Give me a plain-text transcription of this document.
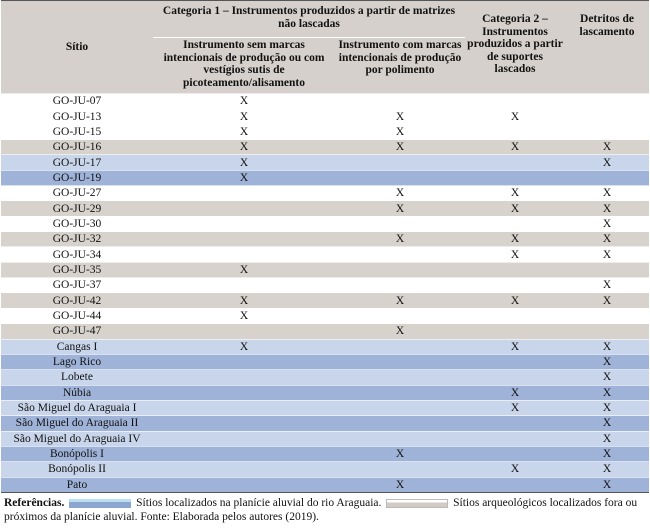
Sítio	Categoria 1 – Instrumentos produzidos a partir de matrizes não lascadas		Categoria 2 – Instrumentos produzidos a partir de suportes lascados	Detritos de lascamento
	Instrumento sem marcas intencionais de produção ou com vestígios sutis de picoteamento/alisamento	Instrumento com marcas intencionais de produção por polimento		
GO-JU-07	X			
GO-JU-13	X	X	X	
GO-JU-15	X	X		
GO-JU-16	X	X	X	X
GO-JU-17	X			X
GO-JU-19	X			
GO-JU-27		X	X	X
GO-JU-29		X	X	X
GO-JU-30				X
GO-JU-32		X	X	X
GO-JU-34			X	X
GO-JU-35	X			
GO-JU-37				X
GO-JU-42	X	X	X	X
GO-JU-44	X			
GO-JU-47		X		
Cangas I	X		X	X
Lago Rico				X
Lobete				X
Núbia			X	X
São Miguel do Araguaia I			X	X
São Miguel do Araguaia II				X
São Miguel do Araguaia IV				X
Bonópolis I		X		X
Bonópolis II			X	X
Pato		X		X
Referências.	Sítios localizados na planície aluvial do rio Araguaia.	Sítios arqueológicos localizados fora ou próximos da planície aluvial. Fonte: Elaborada pelos autores (2019).
